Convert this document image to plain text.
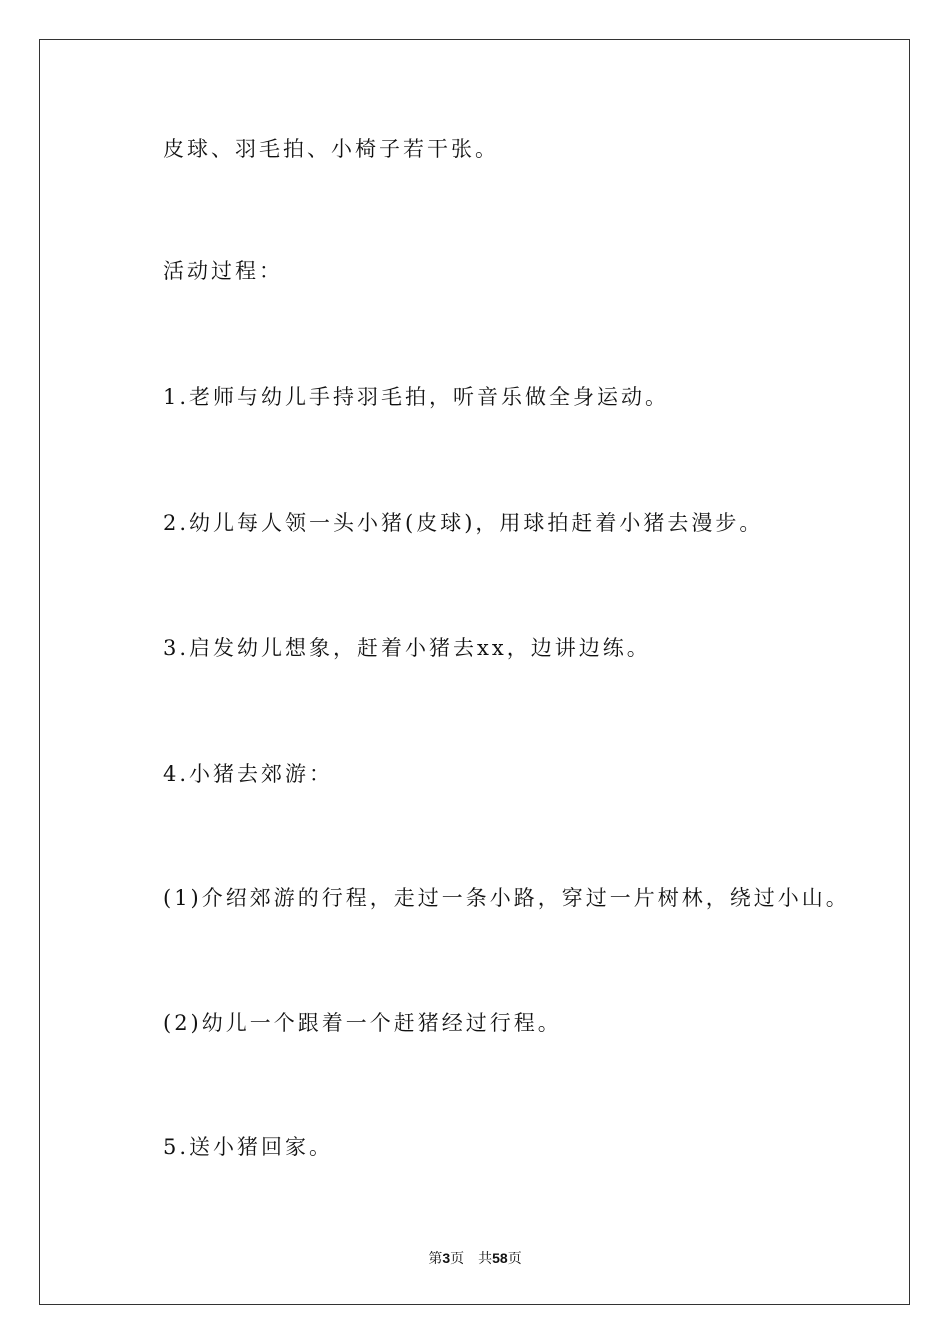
皮球、羽毛拍、小椅子若干张。
活动过程：
1.老师与幼儿手持羽毛拍，听音乐做全身运动。
2.幼儿每人领一头小猪(皮球)，用球拍赶着小猪去漫步。
3.启发幼儿想象，赶着小猪去xx，边讲边练。
4.小猪去郊游：
(1)介绍郊游的行程，走过一条小路，穿过一片树林，绕过小山。
(2)幼儿一个跟着一个赶猪经过行程。
5.送小猪回家。
第3页 共58页
